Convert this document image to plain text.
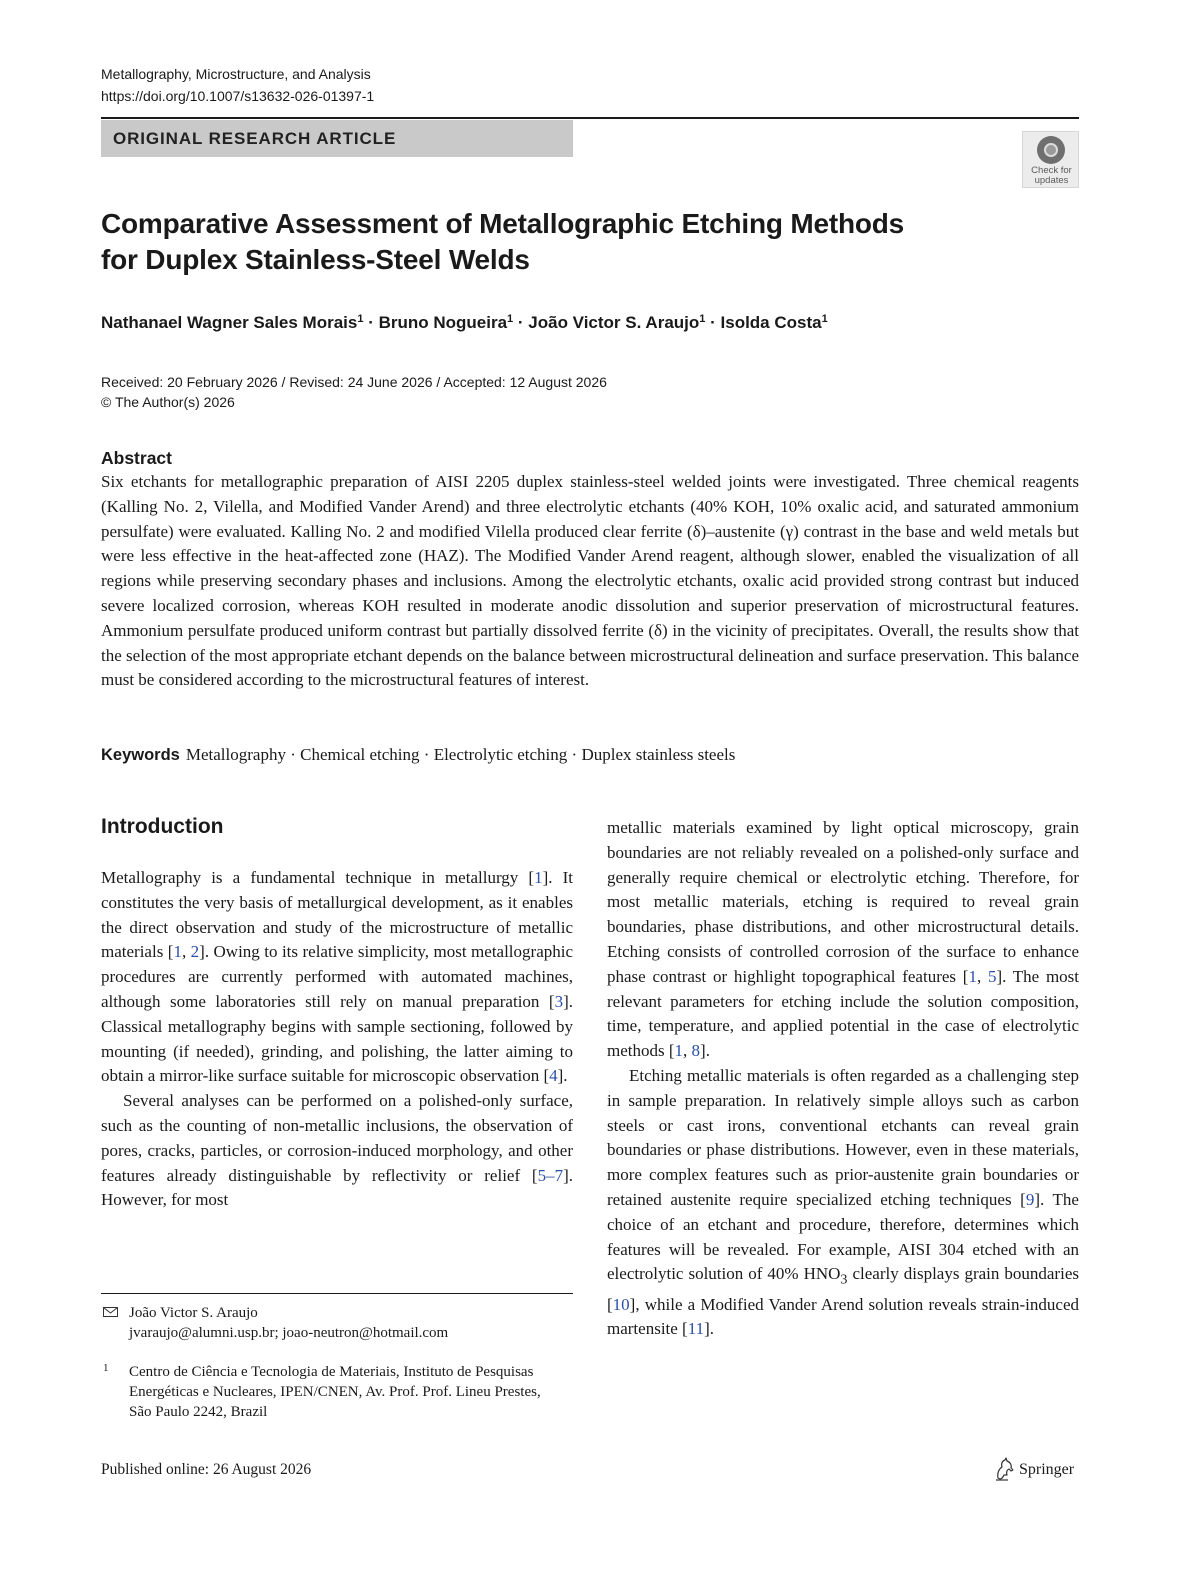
Metallography, Microstructure, and Analysis
https://doi.org/10.1007/s13632-026-01397-1
ORIGINAL RESEARCH ARTICLE
Check for
updates
Comparative Assessment of Metallographic Etching Methods
for Duplex Stainless-Steel Welds
Nathanael Wagner Sales Morais$^1$ · Bruno Nogueira$^1$ · João Victor S. Araujo$^1$ · Isolda Costa$^1$
Received: 20 February 2026 / Revised: 24 June 2026 / Accepted: 12 August 2026
© The Author(s) 2026
Abstract
Six etchants for metallographic preparation of AISI 2205 duplex stainless-steel welded joints were investigated. Three chemical reagents (Kalling No. 2, Vilella, and Modified Vander Arend) and three electrolytic etchants (40% KOH, 10% oxalic acid, and saturated ammonium persulfate) were evaluated. Kalling No. 2 and modified Vilella produced clear ferrite (δ)–austenite (γ) contrast in the base and weld metals but were less effective in the heat-affected zone (HAZ). The Modified Vander Arend reagent, although slower, enabled the visualization of all regions while preserving secondary phases and inclusions. Among the electrolytic etchants, oxalic acid provided strong contrast but induced severe localized corrosion, whereas KOH resulted in moderate anodic dissolution and superior preservation of microstructural features. Ammonium persulfate produced uniform contrast but partially dissolved ferrite (δ) in the vicinity of precipitates. Overall, the results show that the selection of the most appropriate etchant depends on the balance between microstructural delineation and surface preservation. This balance must be considered according to the microstructural features of interest.
Keywords Metallography · Chemical etching · Electrolytic etching · Duplex stainless steels
Introduction

Metallography is a fundamental technique in metallurgy [1]. It constitutes the very basis of metallurgical development, as it enables the direct observation and study of the microstructure of metallic materials [1, 2]. Owing to its relative simplicity, most metallographic procedures are currently performed with automated machines, although some laboratories still rely on manual preparation [3]. Classical metallography begins with sample sectioning, followed by mounting (if needed), grinding, and polishing, the latter aiming to obtain a mirror-like surface suitable for microscopic observation [4].

Several analyses can be performed on a polished-only surface, such as the counting of non-metallic inclusions, the observation of pores, cracks, particles, or corrosion-induced morphology, and other features already distinguishable by reflectivity or relief [5–7]. However, for most

metallic materials examined by light optical microscopy, grain boundaries are not reliably revealed on a polished-only surface and generally require chemical or electrolytic etching. Therefore, for most metallic materials, etching is required to reveal grain boundaries, phase distributions, and other microstructural details. Etching consists of controlled corrosion of the surface to enhance phase contrast or highlight topographical features [1, 5]. The most relevant parameters for etching include the solution composition, time, temperature, and applied potential in the case of electrolytic methods [1, 8].

Etching metallic materials is often regarded as a challenging step in sample preparation. In relatively simple alloys such as carbon steels or cast irons, conventional etchants can reveal grain boundaries or phase distributions. However, even in these materials, more complex features such as prior-austenite grain boundaries or retained austenite require specialized etching techniques [9]. The choice of an etchant and procedure, therefore, determines which features will be revealed. For example, AISI 304 etched with an electrolytic solution of 40% $HNO_3$ clearly displays grain boundaries [10], while a Modified Vander Arend solution reveals strain-induced martensite [11].

João Victor S. Araujo
jvaraujo@alumni.usp.br; joao-neutron@hotmail.com
1 Centro de Ciência e Tecnologia de Materiais, Instituto de Pesquisas Energéticas e Nucleares, IPEN/CNEN, Av. Prof. Prof. Lineu Prestes, São Paulo 2242, Brazil
Published online: 26 August 2026	Springer
